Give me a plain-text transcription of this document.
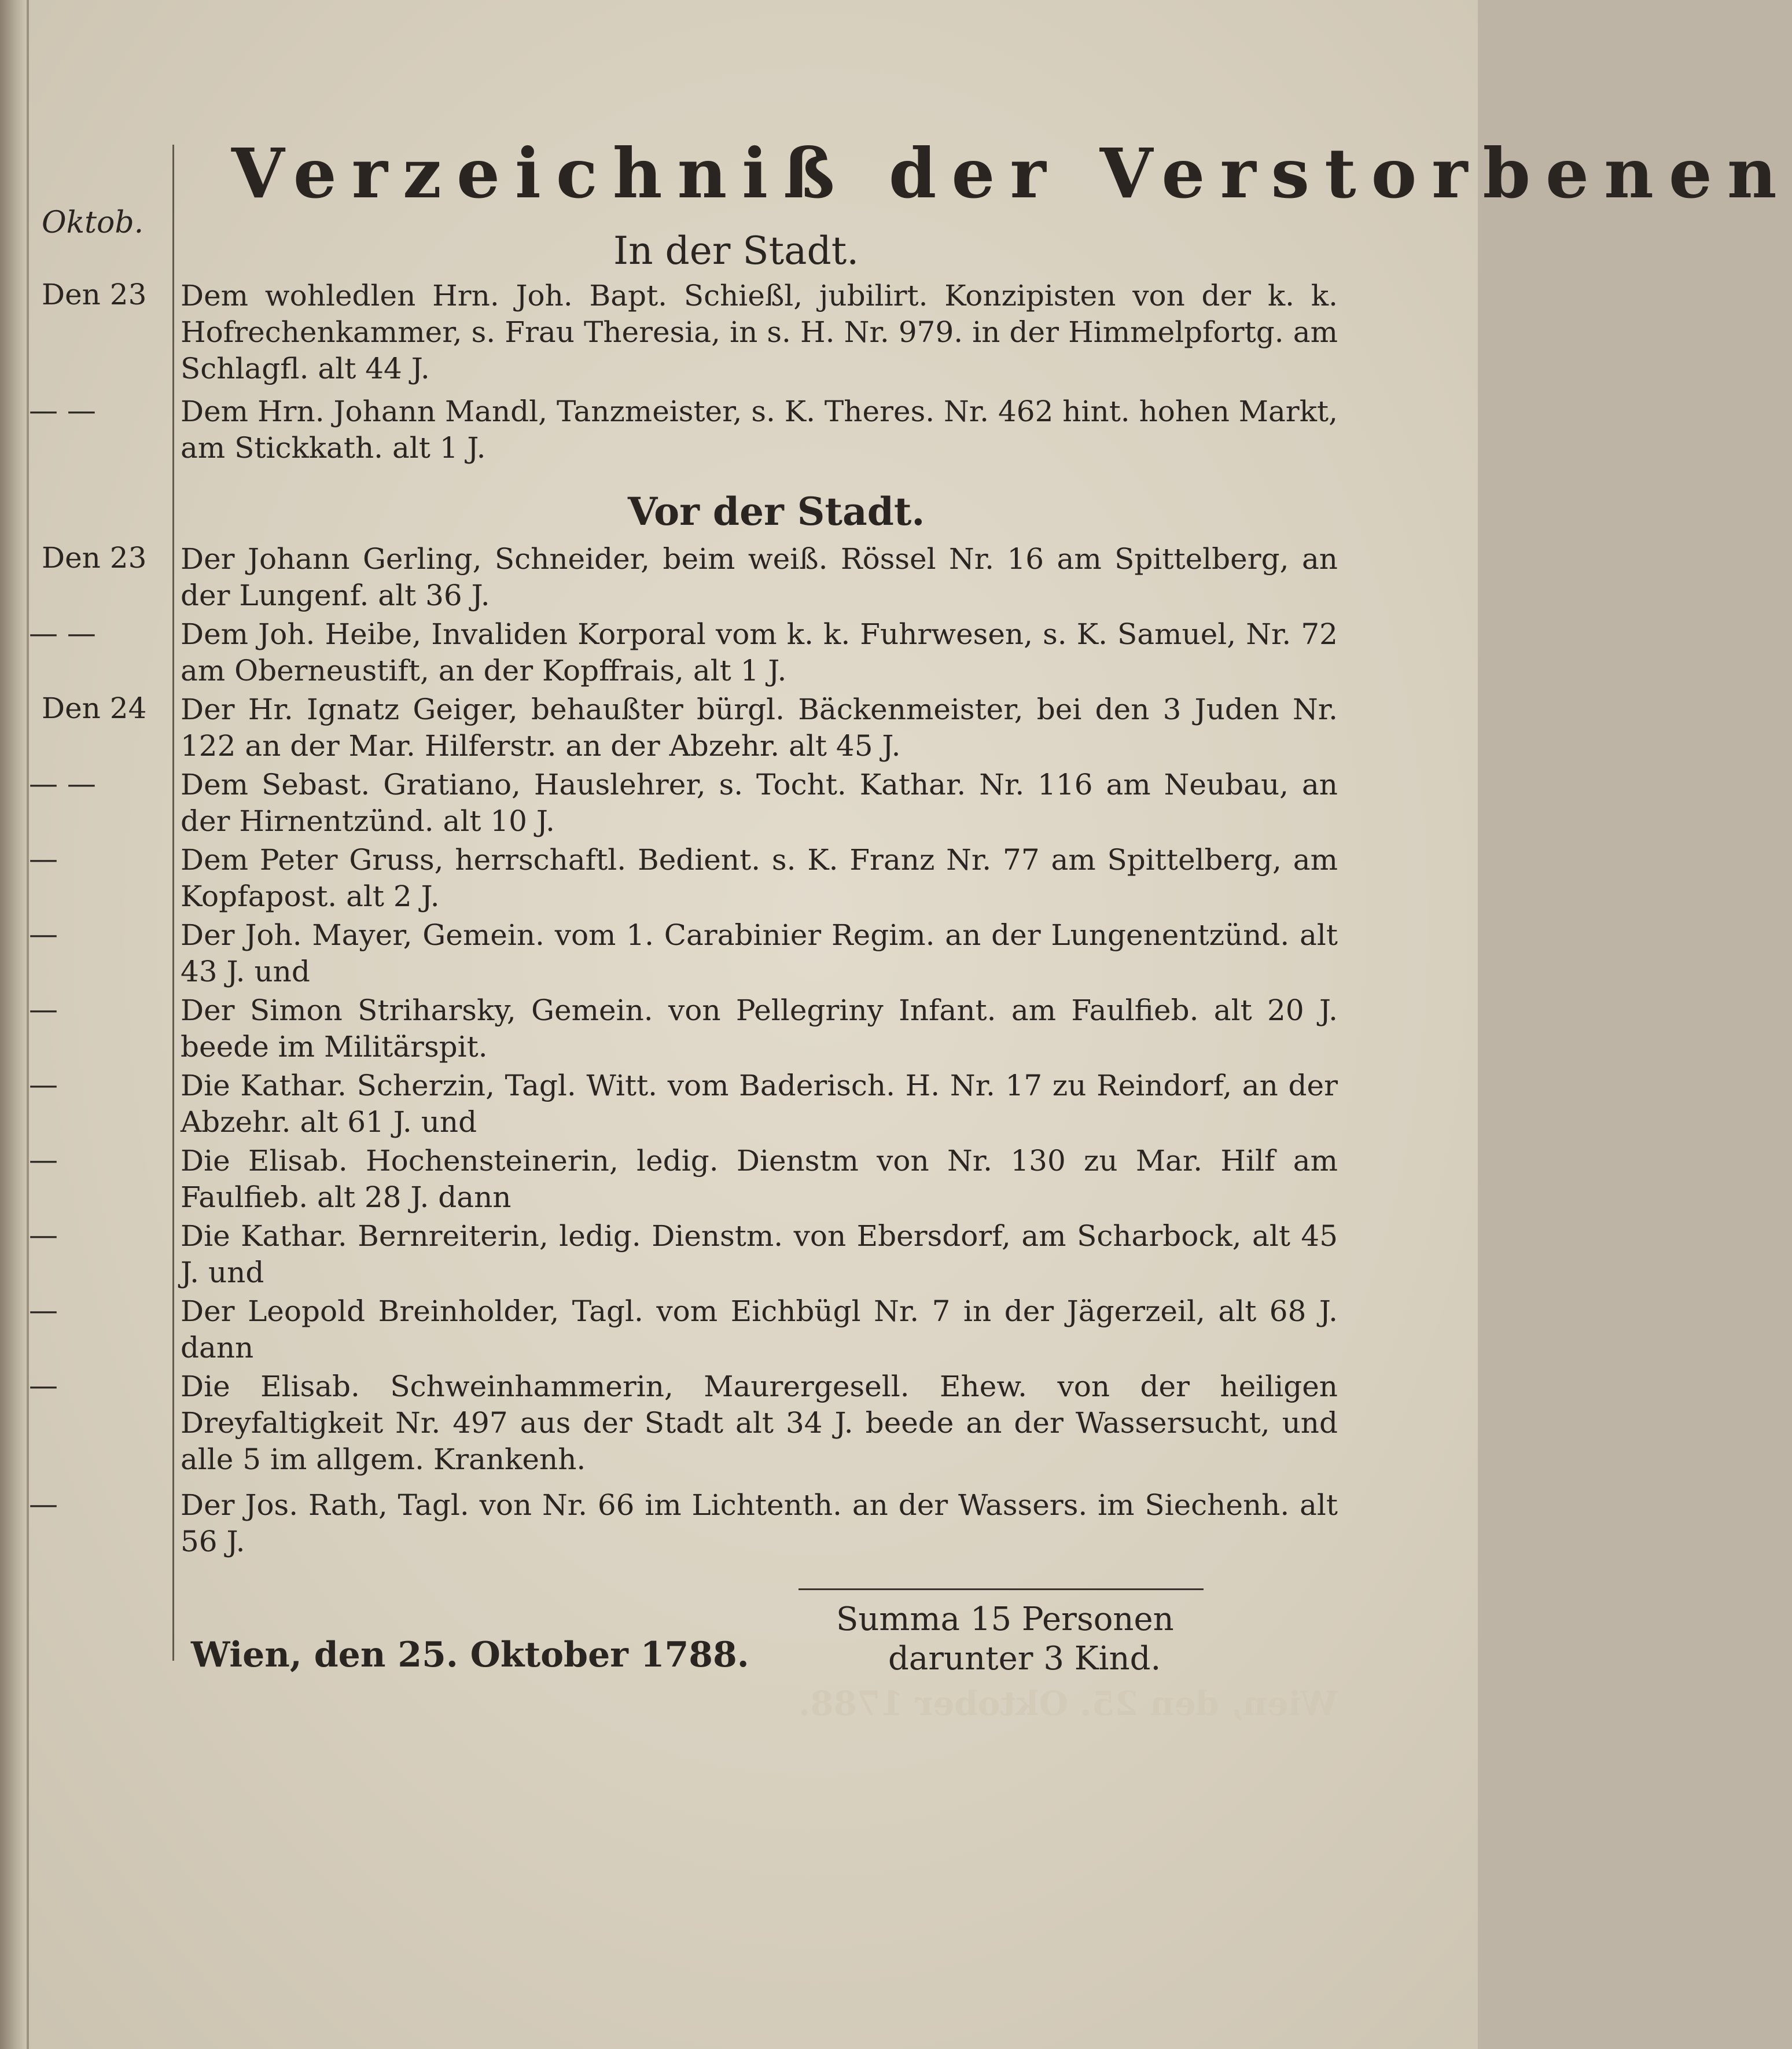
Oktob.
Verzeichniß der Verstorbenen
In der Stadt.
Den 23	Dem wohledlen Hrn. Joh. Bapt. Schießl, jubilirt. Konzipisten von der k. k. Hofrechenkammer, s. Frau Theresia, in s. H. Nr. 979. in der Himmelpfortg. am Schlagfl. alt 44 J.

— —	Dem Hrn. Johann Mandl, Tanzmeister, s. K. Theres. Nr. 462 hint. hohen Markt, am Stickkath. alt 1 J.

Vor der Stadt.
Den 23	Der Johann Gerling, Schneider, beim weiß. Rössel Nr. 16 am Spittelberg, an der Lungenf. alt 36 J.

— —	Dem Joh. Heibe, Invaliden Korporal vom k. k. Fuhrwesen, s. K. Samuel, Nr. 72 am Oberneustift, an der Kopffrais, alt 1 J.

Den 24	Der Hr. Ignatz Geiger, behaußter bürgl. Bäckenmeister, bei den 3 Juden Nr. 122 an der Mar. Hilferstr. an der Abzehr. alt 45 J.

— —	Dem Sebast. Gratiano, Hauslehrer, s. Tocht. Kathar. Nr. 116 am Neubau, an der Hirnentzünd. alt 10 J.

—	Dem Peter Gruss, herrschaftl. Bedient. s. K. Franz Nr. 77 am Spittelberg, am Kopfapost. alt 2 J.

—	Der Joh. Mayer, Gemein. vom 1. Carabinier Regim. an der Lungenentzünd. alt 43 J. und

—	Der Simon Striharsky, Gemein. von Pellegriny Infant. am Faulfieb. alt 20 J. beede im Militärspit.

—	Die Kathar. Scherzin, Tagl. Witt. vom Baderisch. H. Nr. 17 zu Reindorf, an der Abzehr. alt 61 J. und

—	Die Elisab. Hochensteinerin, ledig. Dienstm von Nr. 130 zu Mar. Hilf am Faulfieb. alt 28 J. dann

—	Die Kathar. Bernreiterin, ledig. Dienstm. von Ebersdorf, am Scharbock, alt 45 J. und

—	Der Leopold Breinholder, Tagl. vom Eichbügl Nr. 7 in der Jägerzeil, alt 68 J. dann

—	Die Elisab. Schweinhammerin, Maurergesell. Ehew. von der heiligen Dreyfaltigkeit Nr. 497 aus der Stadt alt 34 J. beede an der Wassersucht, und alle 5 im allgem. Krankenh.

—	Der Jos. Rath, Tagl. von Nr. 66 im Lichtenth. an der Wassers. im Siechenh. alt 56 J.

Summa 15 Personen
darunter 3 Kind.
Wien, den 25. Oktober 1788.
Wien, den 25. Oktober 1788.
